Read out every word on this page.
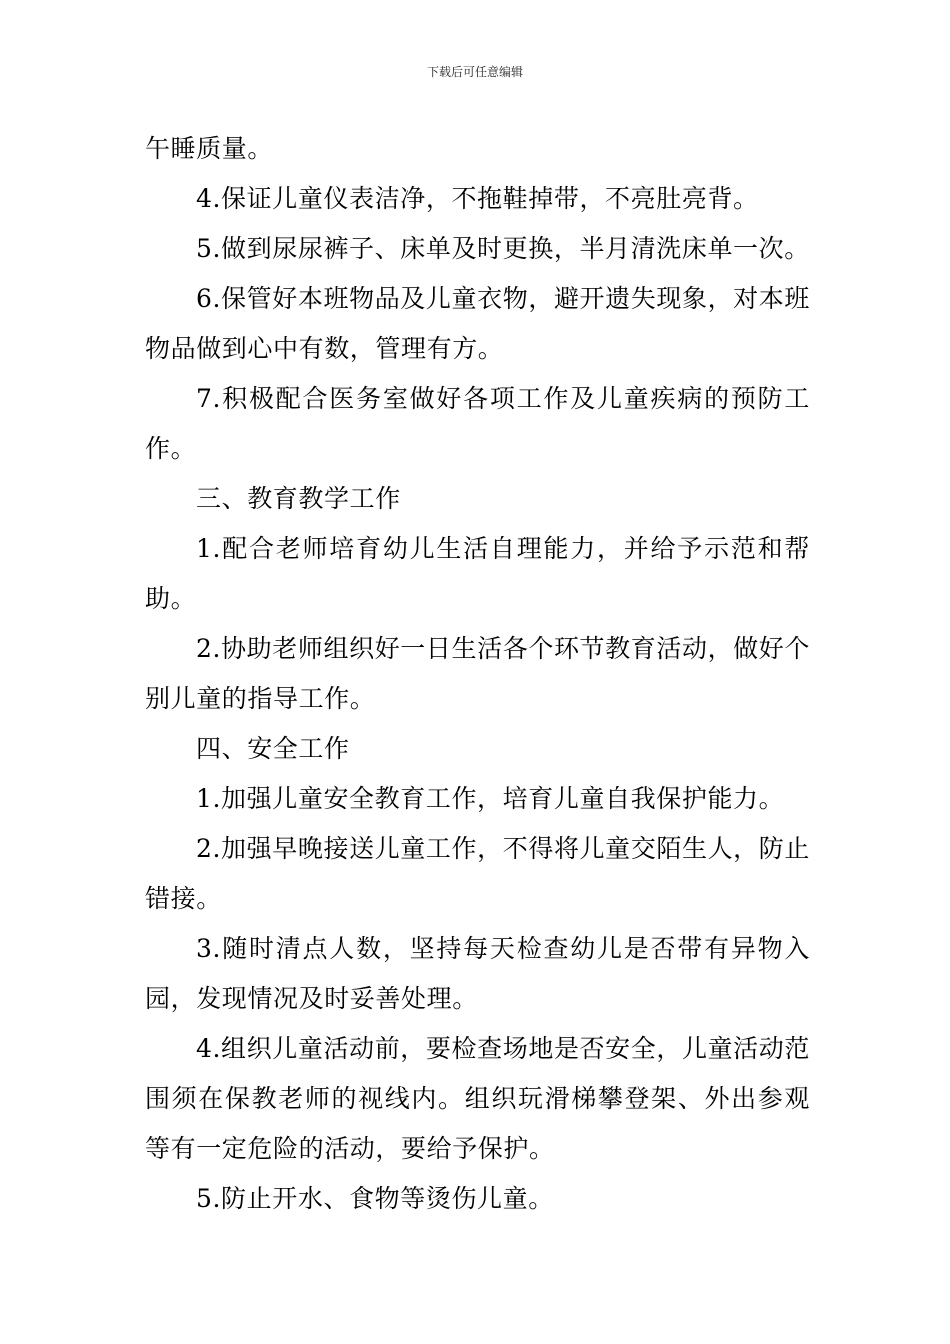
下载后可任意编辑

午睡质量。

4.保证儿童仪表洁净，不拖鞋掉带，不亮肚亮背。

5.做到尿尿裤子、床单及时更换，半月清洗床单一次。

6.保管好本班物品及儿童衣物，避开遗失现象，对本班物品做到心中有数，管理有方。

7.积极配合医务室做好各项工作及儿童疾病的预防工作。

三、教育教学工作

1.配合老师培育幼儿生活自理能力，并给予示范和帮助。

2.协助老师组织好一日生活各个环节教育活动，做好个别儿童的指导工作。

四、安全工作

1.加强儿童安全教育工作，培育儿童自我保护能力。

2.加强早晚接送儿童工作，不得将儿童交陌生人，防止错接。

3.随时清点人数，坚持每天检查幼儿是否带有异物入园，发现情况及时妥善处理。

4.组织儿童活动前，要检查场地是否安全，儿童活动范围须在保教老师的视线内。组织玩滑梯攀登架、外出参观等有一定危险的活动，要给予保护。

5.防止开水、食物等烫伤儿童。
